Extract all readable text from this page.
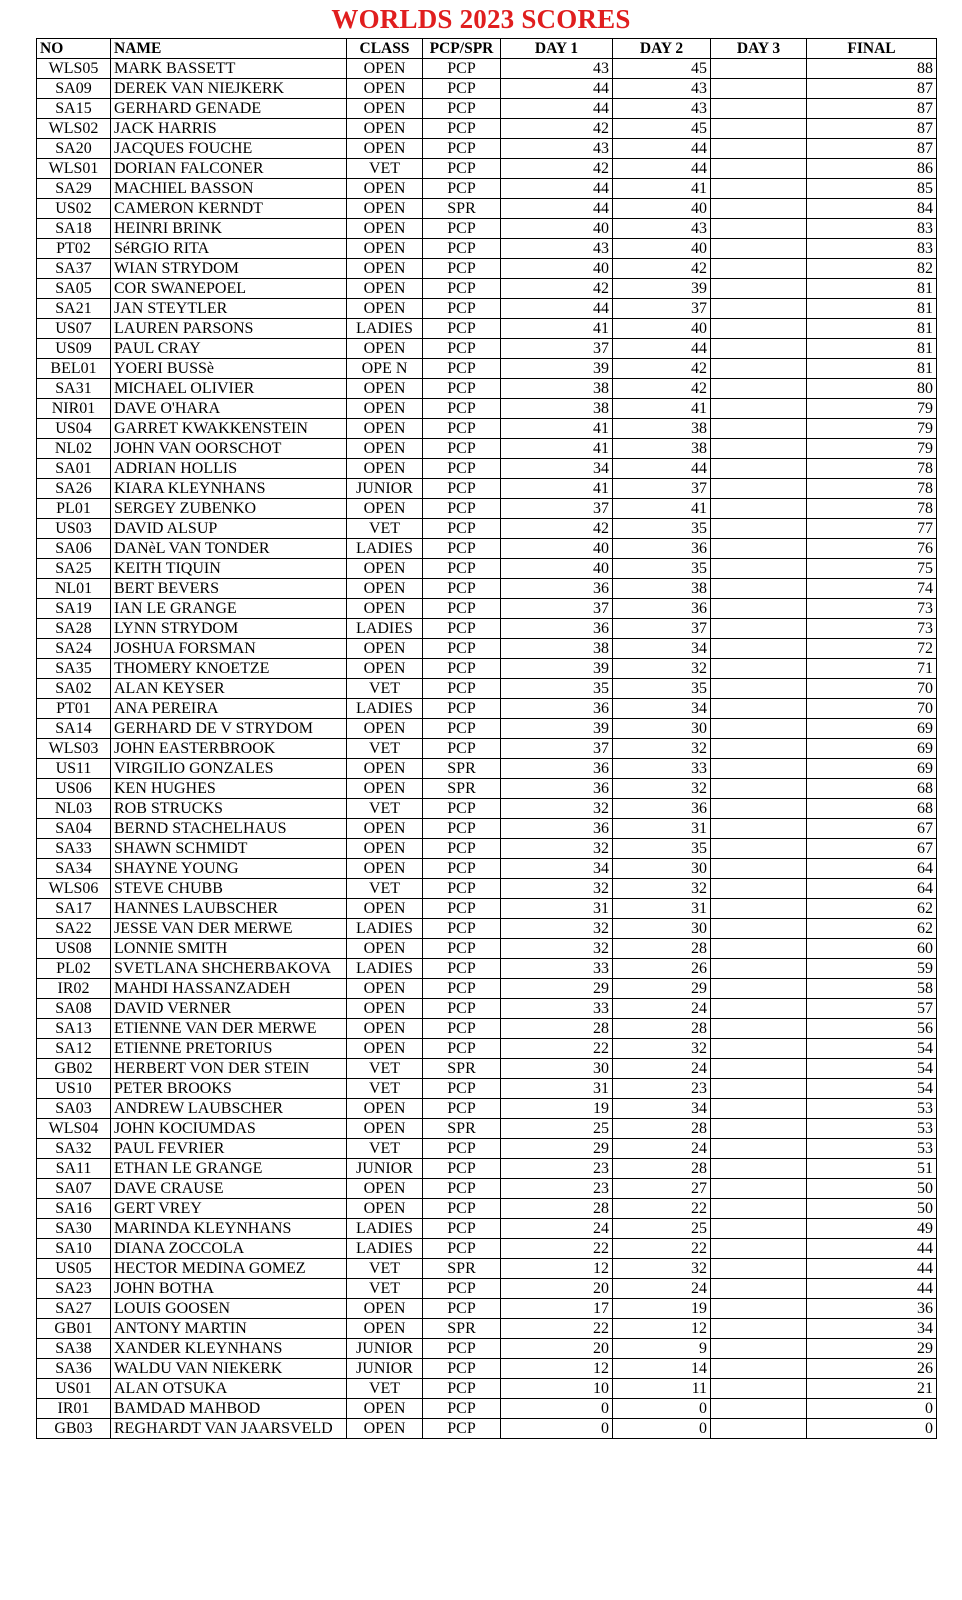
WORLDS 2023 SCORES
NO	NAME	CLASS	PCP/SPR	DAY 1	DAY 2	DAY 3	FINAL
WLS05	MARK BASSETT	OPEN	PCP	43	45		88
SA09	DEREK VAN NIEJKERK	OPEN	PCP	44	43		87
SA15	GERHARD GENADE	OPEN	PCP	44	43		87
WLS02	JACK HARRIS	OPEN	PCP	42	45		87
SA20	JACQUES FOUCHE	OPEN	PCP	43	44		87
WLS01	DORIAN FALCONER	VET	PCP	42	44		86
SA29	MACHIEL BASSON	OPEN	PCP	44	41		85
US02	CAMERON KERNDT	OPEN	SPR	44	40		84
SA18	HEINRI BRINK	OPEN	PCP	40	43		83
PT02	SéRGIO RITA	OPEN	PCP	43	40		83
SA37	WIAN STRYDOM	OPEN	PCP	40	42		82
SA05	COR SWANEPOEL	OPEN	PCP	42	39		81
SA21	JAN STEYTLER	OPEN	PCP	44	37		81
US07	LAUREN PARSONS	LADIES	PCP	41	40		81
US09	PAUL CRAY	OPEN	PCP	37	44		81
BEL01	YOERI BUSSè	OPE N	PCP	39	42		81
SA31	MICHAEL OLIVIER	OPEN	PCP	38	42		80
NIR01	DAVE O'HARA	OPEN	PCP	38	41		79
US04	GARRET KWAKKENSTEIN	OPEN	PCP	41	38		79
NL02	JOHN VAN OORSCHOT	OPEN	PCP	41	38		79
SA01	ADRIAN HOLLIS	OPEN	PCP	34	44		78
SA26	KIARA KLEYNHANS	JUNIOR	PCP	41	37		78
PL01	SERGEY ZUBENKO	OPEN	PCP	37	41		78
US03	DAVID ALSUP	VET	PCP	42	35		77
SA06	DANèL VAN TONDER	LADIES	PCP	40	36		76
SA25	KEITH TIQUIN	OPEN	PCP	40	35		75
NL01	BERT BEVERS	OPEN	PCP	36	38		74
SA19	IAN LE GRANGE	OPEN	PCP	37	36		73
SA28	LYNN STRYDOM	LADIES	PCP	36	37		73
SA24	JOSHUA FORSMAN	OPEN	PCP	38	34		72
SA35	THOMERY KNOETZE	OPEN	PCP	39	32		71
SA02	ALAN KEYSER	VET	PCP	35	35		70
PT01	ANA PEREIRA	LADIES	PCP	36	34		70
SA14	GERHARD DE V STRYDOM	OPEN	PCP	39	30		69
WLS03	JOHN EASTERBROOK	VET	PCP	37	32		69
US11	VIRGILIO GONZALES	OPEN	SPR	36	33		69
US06	KEN HUGHES	OPEN	SPR	36	32		68
NL03	ROB STRUCKS	VET	PCP	32	36		68
SA04	BERND STACHELHAUS	OPEN	PCP	36	31		67
SA33	SHAWN SCHMIDT	OPEN	PCP	32	35		67
SA34	SHAYNE YOUNG	OPEN	PCP	34	30		64
WLS06	STEVE CHUBB	VET	PCP	32	32		64
SA17	HANNES LAUBSCHER	OPEN	PCP	31	31		62
SA22	JESSE VAN DER MERWE	LADIES	PCP	32	30		62
US08	LONNIE SMITH	OPEN	PCP	32	28		60
PL02	SVETLANA SHCHERBAKOVA	LADIES	PCP	33	26		59
IR02	MAHDI HASSANZADEH	OPEN	PCP	29	29		58
SA08	DAVID VERNER	OPEN	PCP	33	24		57
SA13	ETIENNE VAN DER MERWE	OPEN	PCP	28	28		56
SA12	ETIENNE PRETORIUS	OPEN	PCP	22	32		54
GB02	HERBERT VON DER STEIN	VET	SPR	30	24		54
US10	PETER BROOKS	VET	PCP	31	23		54
SA03	ANDREW LAUBSCHER	OPEN	PCP	19	34		53
WLS04	JOHN KOCIUMDAS	OPEN	SPR	25	28		53
SA32	PAUL FEVRIER	VET	PCP	29	24		53
SA11	ETHAN LE GRANGE	JUNIOR	PCP	23	28		51
SA07	DAVE CRAUSE	OPEN	PCP	23	27		50
SA16	GERT VREY	OPEN	PCP	28	22		50
SA30	MARINDA KLEYNHANS	LADIES	PCP	24	25		49
SA10	DIANA ZOCCOLA	LADIES	PCP	22	22		44
US05	HECTOR MEDINA GOMEZ	VET	SPR	12	32		44
SA23	JOHN BOTHA	VET	PCP	20	24		44
SA27	LOUIS GOOSEN	OPEN	PCP	17	19		36
GB01	ANTONY MARTIN	OPEN	SPR	22	12		34
SA38	XANDER KLEYNHANS	JUNIOR	PCP	20	9		29
SA36	WALDU VAN NIEKERK	JUNIOR	PCP	12	14		26
US01	ALAN OTSUKA	VET	PCP	10	11		21
IR01	BAMDAD MAHBOD	OPEN	PCP	0	0		0
GB03	REGHARDT VAN JAARSVELD	OPEN	PCP	0	0		0
